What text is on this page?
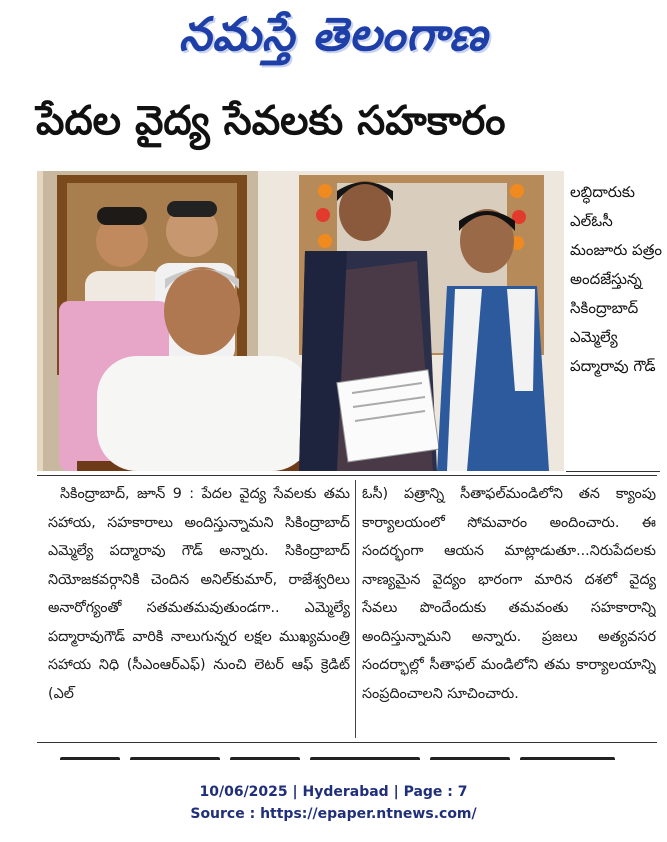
నమస్తే తెలంగాణ
పేదల వైద్య సేవలకు సహకారం
లబ్ధిదారుకు ఎల్‌ఓసీ మంజూరు పత్రం అందజేస్తున్న సికింద్రాబాద్ ఎమ్మెల్యే పద్మారావు గౌడ్
సికింద్రాబాద్, జూన్ 9 : పేదల వైద్య సేవలకు తమ సహాయ, సహకారాలు అందిస్తున్నామని సికింద్రాబాద్ ఎమ్మెల్యే పద్మారావు గౌడ్ అన్నారు. సికింద్రాబాద్ నియోజకవర్గానికి చెందిన అనిల్‌కుమార్, రాజేశ్వరిలు అనారోగ్యంతో సతమతమవుతుండగా.. ఎమ్మెల్యే పద్మారావుగౌడ్ వారికి నాలుగున్నర లక్షల ముఖ్యమంత్రి సహాయ నిధి (సీఎంఆర్‌ఎఫ్) నుంచి లెటర్ ఆఫ్ క్రెడిట్ (ఎల్
ఓసీ) పత్రాన్ని సీతాఫల్‌మండిలోని తన క్యాంపు కార్యాలయంలో సోమవారం అందించారు. ఈ సందర్భంగా ఆయన మాట్లాడుతూ...నిరుపేదలకు నాణ్యమైన వైద్యం భారంగా మారిన దశలో వైద్య సేవలు పొందేందుకు తమవంతు సహకారాన్ని అందిస్తున్నామని అన్నారు. ప్రజలు అత్యవసర సందర్భాల్లో సీతాఫల్ మండిలోని తమ కార్యాలయాన్ని సంప్రదించాలని సూచించారు.
10/06/2025 | Hyderabad | Page : 7
Source : https://epaper.ntnews.com/
